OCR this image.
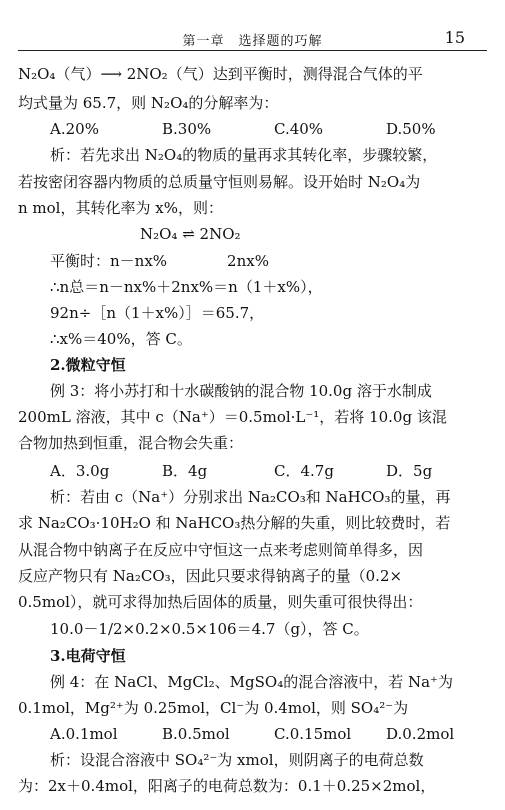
第一章　选择题的巧解	15
N₂O₄（气）⟶ 2NO₂（气）达到平衡时，测得混合气体的平
均式量为 65.7，则 N₂O₄的分解率为：
A.20%	B.30%	C.40%	D.50%
析：若先求出 N₂O₄的物质的量再求其转化率，步骤较繁，
若按密闭容器内物质的总质量守恒则易解。设开始时 N₂O₄为
n mol，其转化率为 x%，则：
N₂O₄ ⇌ 2NO₂
平衡时：n－nx%　　　　2nx%
∴n总＝n－nx%＋2nx%＝n（1＋x%），
92n÷［n（1＋x%）］＝65.7，
∴x%＝40%，答 C。
2.微粒守恒
例 3：将小苏打和十水碳酸钠的混合物 10.0g 溶于水制成
200mL 溶液，其中 c（Na⁺）＝0.5mol·L⁻¹，若将 10.0g 该混
合物加热到恒重，混合物会失重：
A．3.0g	B．4g	C．4.7g	D．5g
析：若由 c（Na⁺）分别求出 Na₂CO₃和 NaHCO₃的量，再
求 Na₂CO₃·10H₂O 和 NaHCO₃热分解的失重，则比较费时，若
从混合物中钠离子在反应中守恒这一点来考虑则简单得多，因
反应产物只有 Na₂CO₃，因此只要求得钠离子的量（0.2×
0.5mol），就可求得加热后固体的质量，则失重可很快得出：
10.0－1/2×0.2×0.5×106＝4.7（g），答 C。
3.电荷守恒
例 4：在 NaCl、MgCl₂、MgSO₄的混合溶液中，若 Na⁺为
0.1mol，Mg²⁺为 0.25mol，Cl⁻为 0.4mol，则 SO₄²⁻为
A.0.1mol	B.0.5mol	C.0.15mol D.0.2mol
析：设混合溶液中 SO₄²⁻为 xmol，则阴离子的电荷总数
为：2x＋0.4mol，阳离子的电荷总数为：0.1＋0.25×2mol，
